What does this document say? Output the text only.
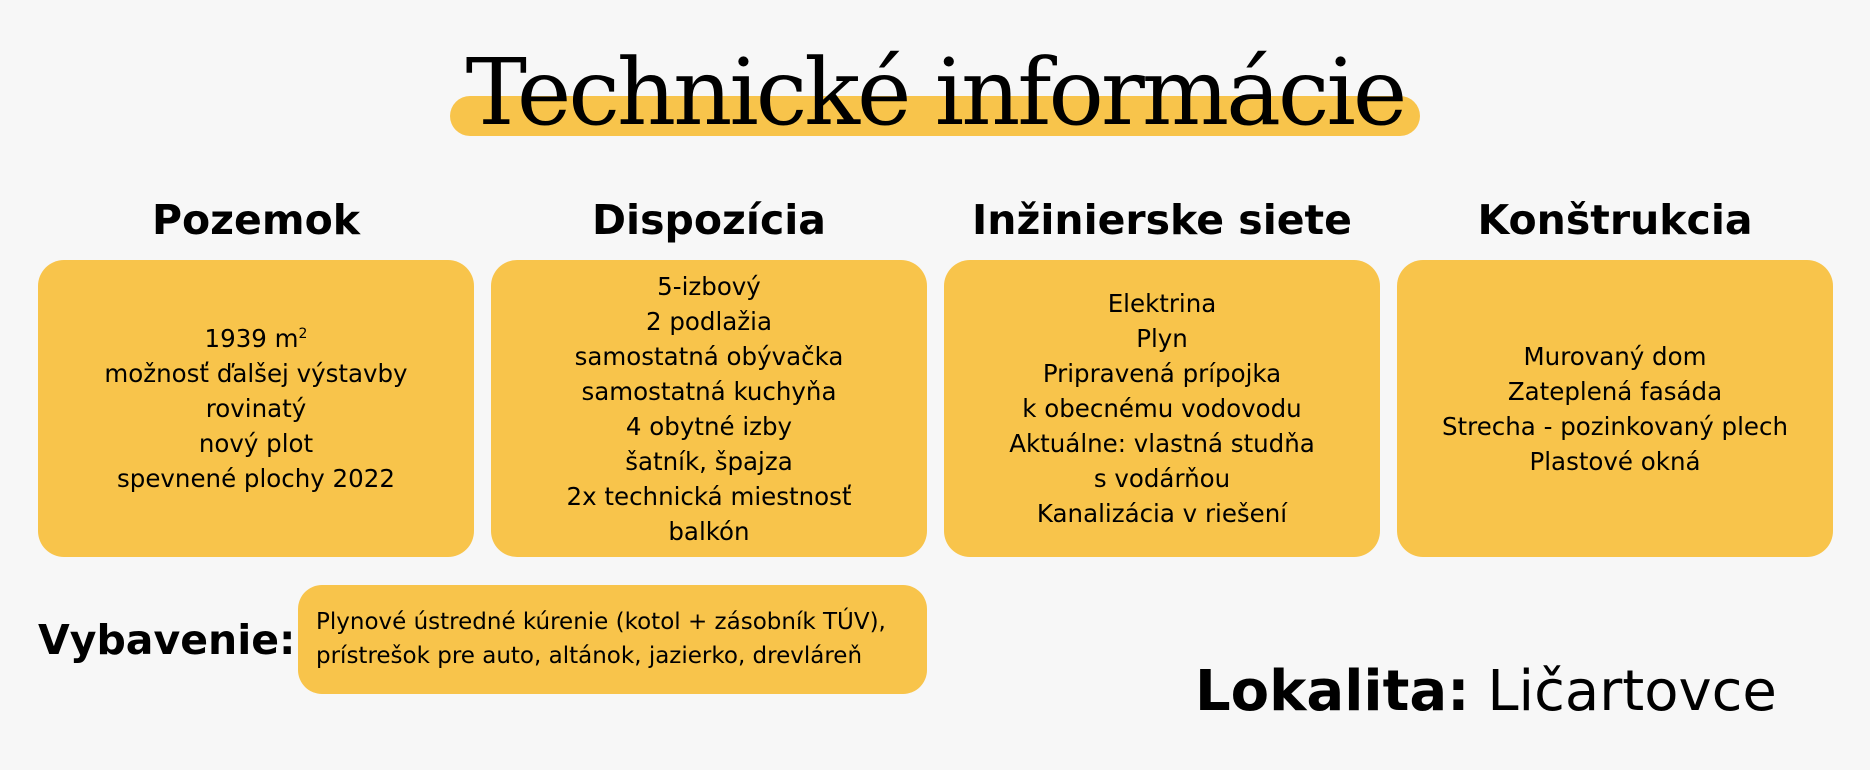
Technické informácie
Pozemok
1939 $m^2$
možnosť ďalšej výstavby
rovinatý
nový plot
spevnené plochy 2022
Dispozícia
5-izbový
2 podlažia
samostatná obývačka
samostatná kuchyňa
4 obytné izby
šatník, špajza
2x technická miestnosť
balkón
Inžinierske siete
Elektrina
Plyn
Pripravená prípojka
k obecnému vodovodu
Aktuálne: vlastná studňa
s vodárňou
Kanalizácia v riešení
Konštrukcia
Murovaný dom
Zateplená fasáda
Strecha - pozinkovaný plech
Plastové okná
Vybavenie: Plynové ústredné kúrenie (kotol + zásobník TÚV),
prístrešok pre auto, altánok, jazierko, drevláreň
Lokalita: Ličartovce
